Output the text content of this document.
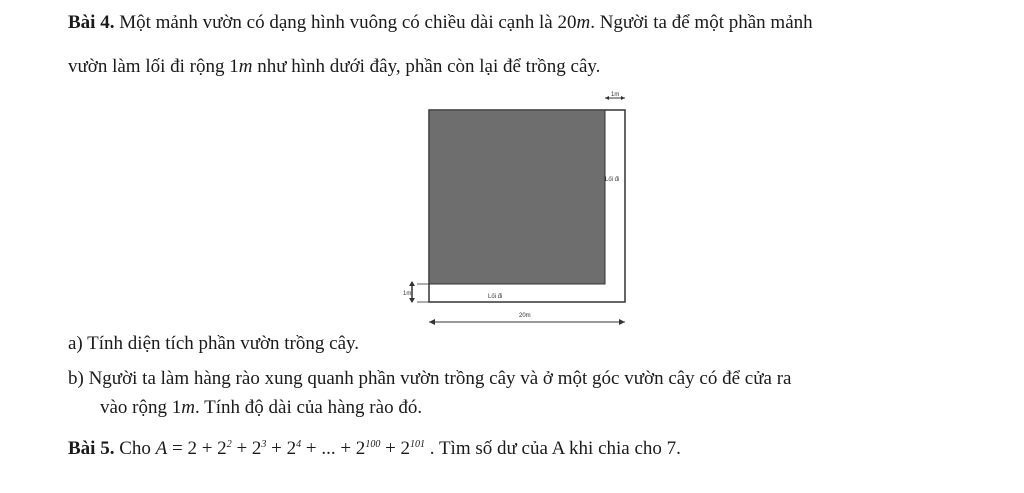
Bài 4. Một mảnh vườn có dạng hình vuông có chiều dài cạnh là 20m. Người ta để một phần mảnh
vườn làm lối đi rộng 1m như hình dưới đây, phần còn lại để trồng cây.
1m
Lối đi
Lối đi
1m
20m
a) Tính diện tích phần vườn trồng cây.
b) Người ta làm hàng rào xung quanh phần vườn trồng cây và ở một góc vườn cây có để cửa ra
vào rộng 1m. Tính độ dài của hàng rào đó.
Bài 5. Cho $A = 2 + 2^2 + 2^3 + 2^4$ + ... + $2^{100} + 2^{101}$ . Tìm số dư của A khi chia cho 7.
